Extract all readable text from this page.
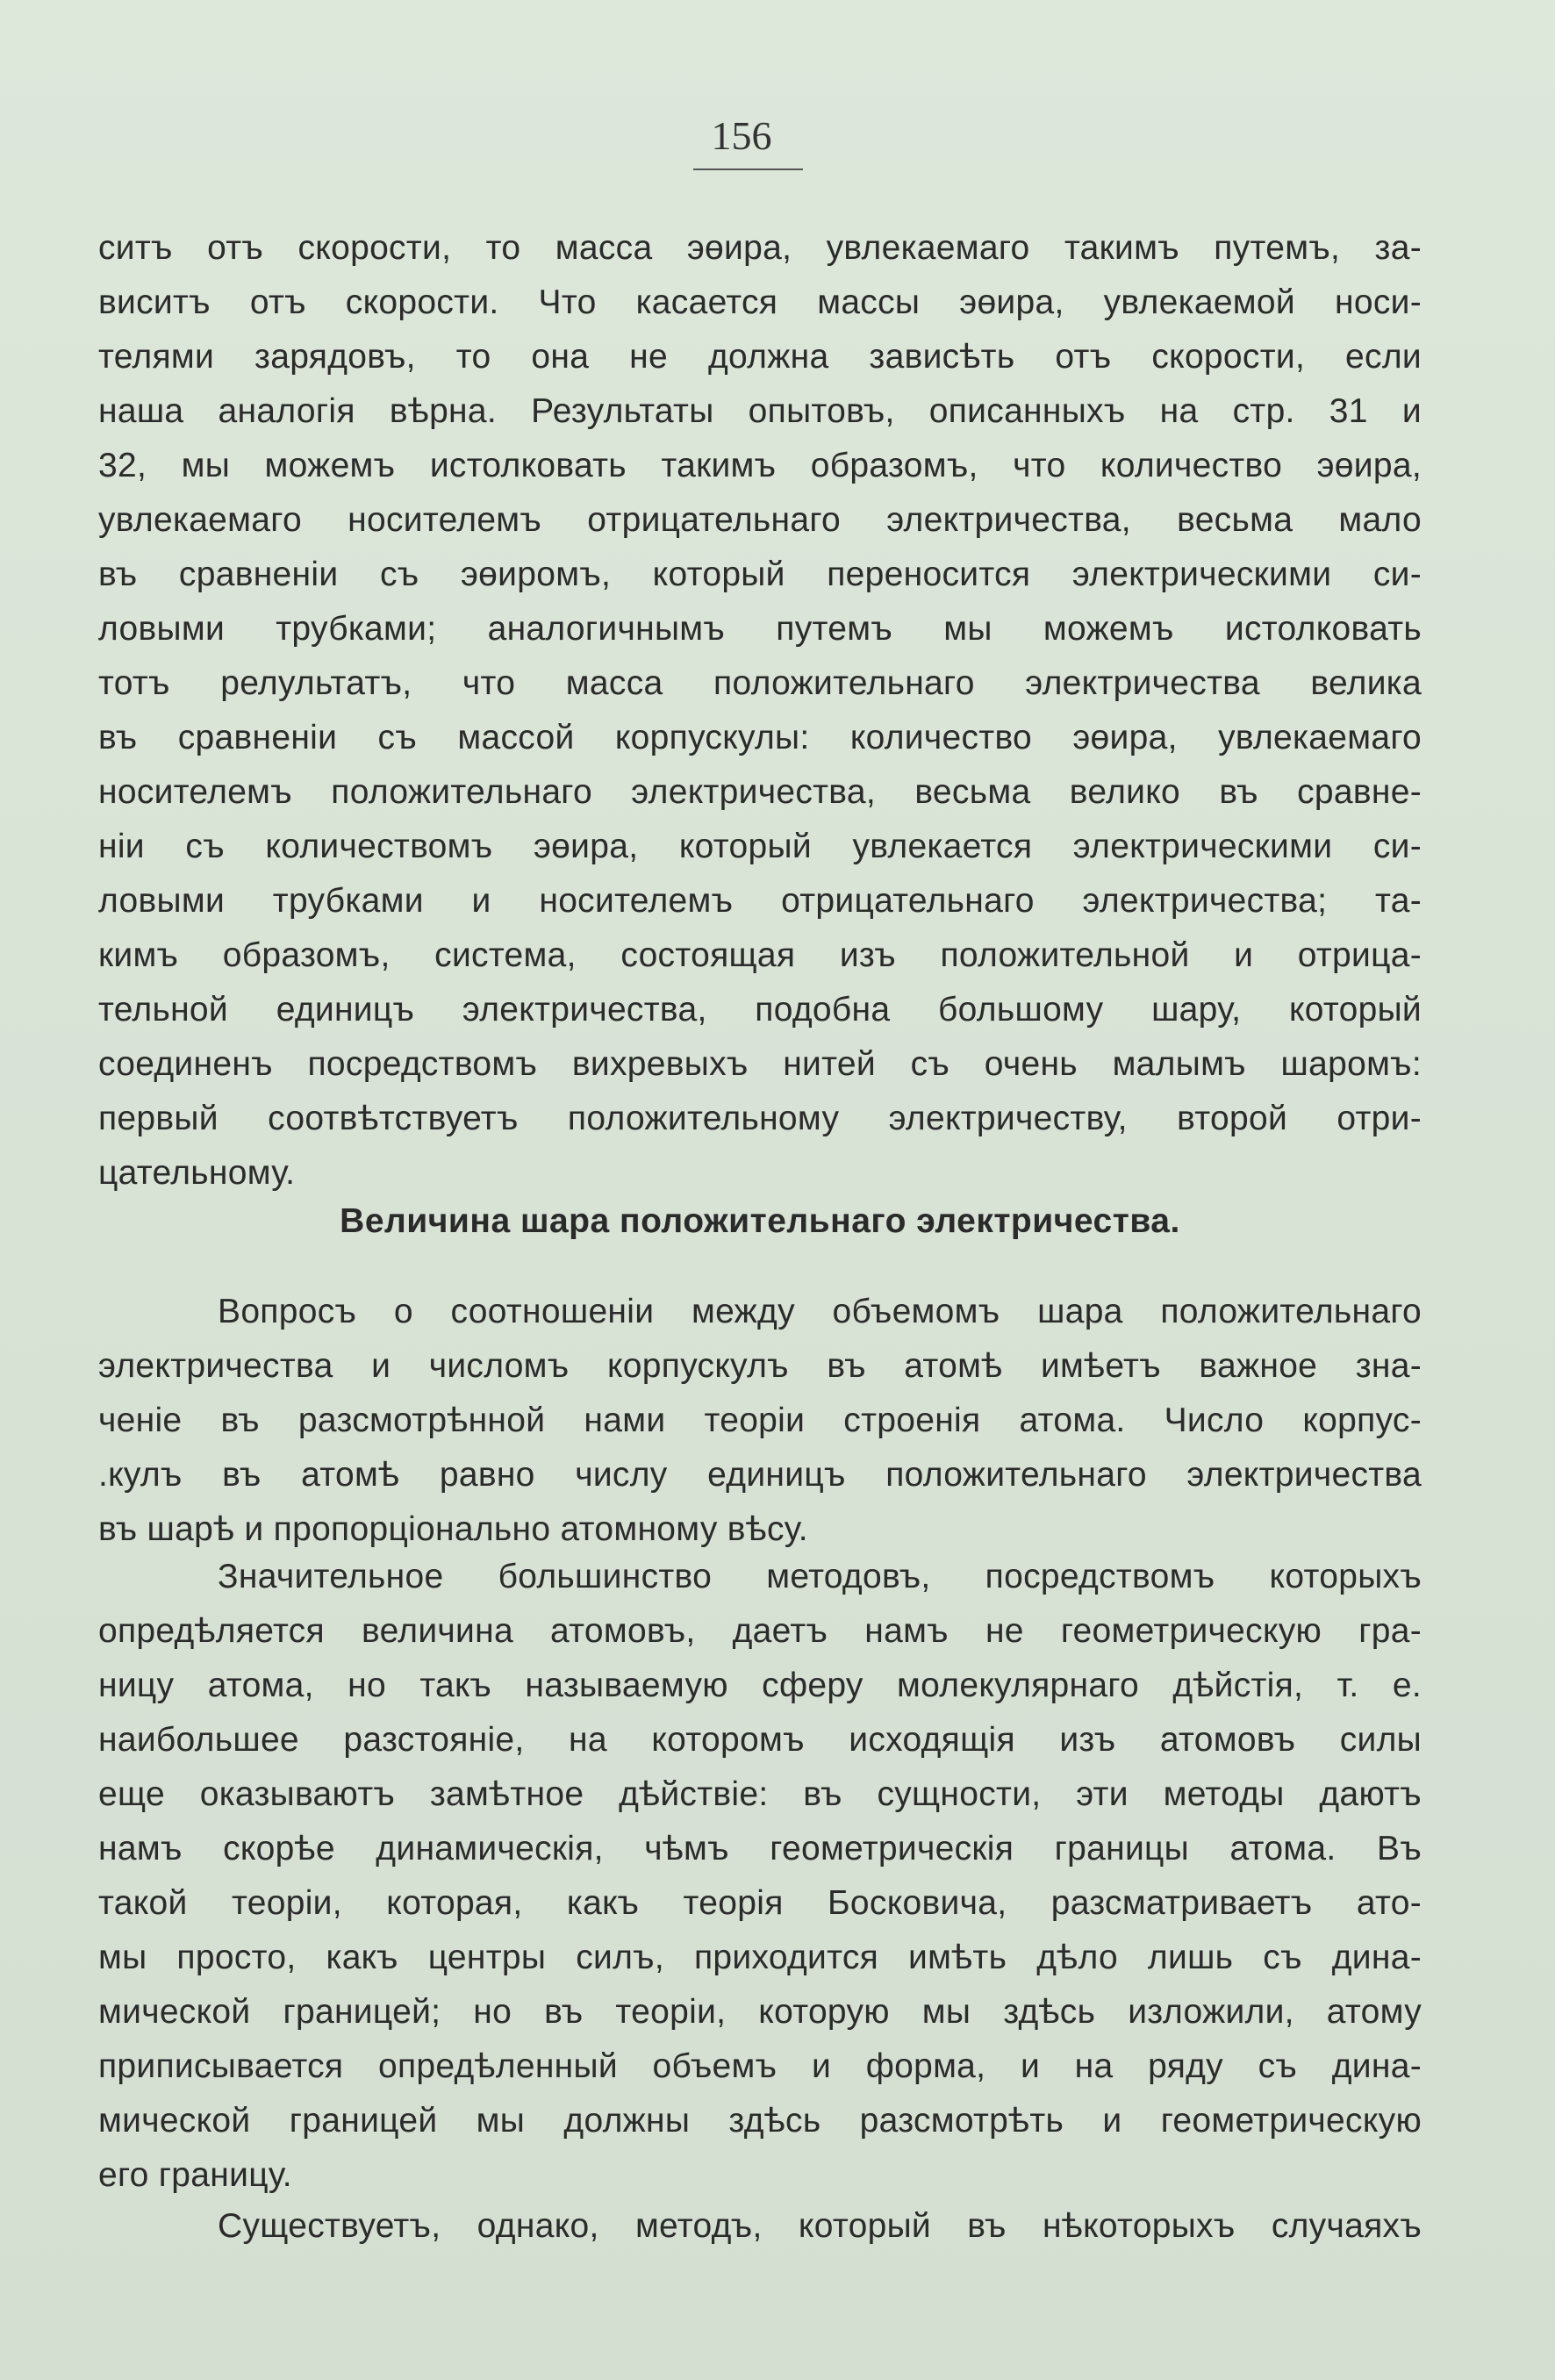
156
ситъ отъ скорости, то масса эөира, увлекаемаго такимъ путемъ, за-
виситъ отъ скорости. Что касается массы эөира, увлекаемой носи-
телями зарядовъ, то она не должна зависѣть отъ скорости, если
наша аналогія вѣрна. Результаты опытовъ, описанныхъ на стр. 31 и
32, мы можемъ истолковать такимъ образомъ, что количество эөира,
увлекаемаго носителемъ отрицательнаго электричества, весьма мало
въ сравненіи съ эөиромъ, который переносится электрическими си-
ловыми трубками; аналогичнымъ путемъ мы можемъ истолковать
тотъ релультатъ, что масса положительнаго электричества велика
въ сравненіи съ массой корпускулы: количество эөира, увлекаемаго
носителемъ положительнаго электричества, весьма велико въ сравне-
ніи съ количествомъ эөира, который увлекается электрическими си-
ловыми трубками и носителемъ отрицательнаго электричества; та-
кимъ образомъ, система, состоящая изъ положительной и отрица-
тельной единицъ электричества, подобна большому шару, который
соединенъ посредствомъ вихревыхъ нитей съ очень малымъ шаромъ:
первый соотвѣтствуетъ положительному электричеству, второй отри-
цательному.
Величина шара положительнаго электричества.
Вопросъ о соотношеніи между объемомъ шара положительнаго
электричества и числомъ корпускулъ въ атомѣ имѣетъ важное зна-
ченіе въ разсмотрѣнной нами теоріи строенія атома. Число корпус-
.кулъ въ атомѣ равно числу единицъ положительнаго электричества
въ шарѣ и пропорціонально атомному вѣсу.
Значительное большинство методовъ, посредствомъ которыхъ
опредѣляется величина атомовъ, даетъ намъ не геометрическую гра-
ницу атома, но такъ называемую сферу молекулярнаго дѣйстія, т. е.
наибольшее разстояніе, на которомъ исходящія изъ атомовъ силы
еще оказываютъ замѣтное дѣйствіе: въ сущности, эти методы даютъ
намъ скорѣе динамическія, чѣмъ геометрическія границы атома. Въ
такой теоріи, которая, какъ теорія Босковича, разсматриваетъ ато-
мы просто, какъ центры силъ, приходится имѣть дѣло лишь съ дина-
мической границей; но въ теоріи, которую мы здѣсь изложили, атому
приписывается опредѣленный объемъ и форма, и на ряду съ дина-
мической границей мы должны здѣсь разсмотрѣть и геометрическую
его границу.
Существуетъ, однако, методъ, который въ нѣкоторыхъ случаяхъ
